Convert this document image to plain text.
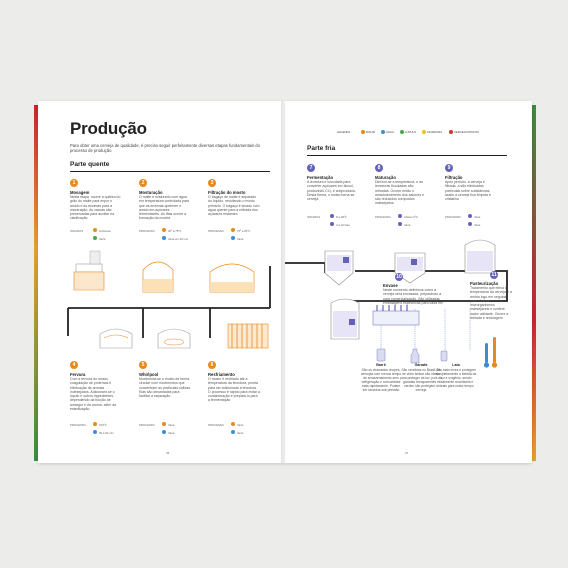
Produção
Para obter uma cerveja de qualidade, é preciso seguir perfeitamente diversas etapas fundamentais do processo de produção
Parte quente
1
Mosagem
Nesta etapa, ocorre a quebra do grão do malte para expor o amido e as enzimas para a maceração. As cascas são preservadas para auxiliar na clarificação
INSUMOS	Ambiente
Varia
2
Mosturação
O malte é misturado com água em temperatura controlada para que as enzimas quebrem o amido em açúcares fermentáveis. As fitas ocorre a formação da mostra
PROCESSO	30º a 75ºC
Varia em 40 min
3
Filtração do mosto
O bagaço de malte é separado do líquido, resultando o mosto primário. O bagaço é lavado com água quente para a retirada dos açúcares restantes
PROCESSO	75º a 80ºC
Varia
4
Fervura
Com a fervura do mosto, coagulação de proteínas e eliminação de aromas indesejados. Adicionam-se o lúpulo e outros ingredientes, dependendo da função de amargor e da aroma, além da esterilização
PROCESSO	100ºC
60 a 90 min
5
Whirlpool
Movimenta-se o mosto de forma circular com movimentos que concentram as partículas sólidas. Elas são decantadas para facilitar a separação
PROCESSO	Varia
Varia
6
Resfriamento
O mosto é resfriado até a temperatura da levedura, pronta para ser adicionada à levedura. O processo é rápido para evitar a contaminação e prepará-lo para a fermentação
PROCESSO	Varia
Varia
26
LEGENDA	MALTE	ÁGUA	LÚPULO	LEVEDURA	CERVEJA PRONTA
Parte fria
7
Fermentação
A levedura é inoculada para converter açúcares em álcool, produzindo CO₂ e subprodutos. Desta forma, o mosto torna-se cerveja
INSUMOS	8 a 28ºC
4 a 10 dias
8
Maturação
Diminui-se a temperatura, e as leveduras floculadas são retiradas. Ocorre então o amadurecimento dos sabores e são reduzidos compostos indesejados
PROCESSO	Abaixo 0ºC
Varia
9
Filtração
Após período, a cerveja é filtrada, a são eliminadas partículas sobre substâncias, assim a cerveja fica límpida e cristalina
PROCESSO	Varia
Varia
10
Envase
Neste momento definimos como a cerveja será envasada, preparando-a para comercialização. São utilizadas embalagens específicas para cada fim
11
Pasteurização
Tratamento que eleva a temperatura da cerveja e a resfria logo em seguida para eliminar microrganismos indesejáveis e conferir maior validade. Ocorre a retirada e reciclagem
Barril
São os chamados chopes, cervejas com menos tempo de armazenamento sem refrigeração e consumidas mais rapidamente. Podem ser servidos sob pressão
Garrafa
São vendidas no Brasil. As de vidro âmbar são ideais para proteger da luz, pois as garrafas transparentes e verdes não protegem a cerveja
Lata
São mais leves e protegem completamente a bebida da luz e oxigênio, sendo totalmente recicláveis e ideais para maior tempo
27
